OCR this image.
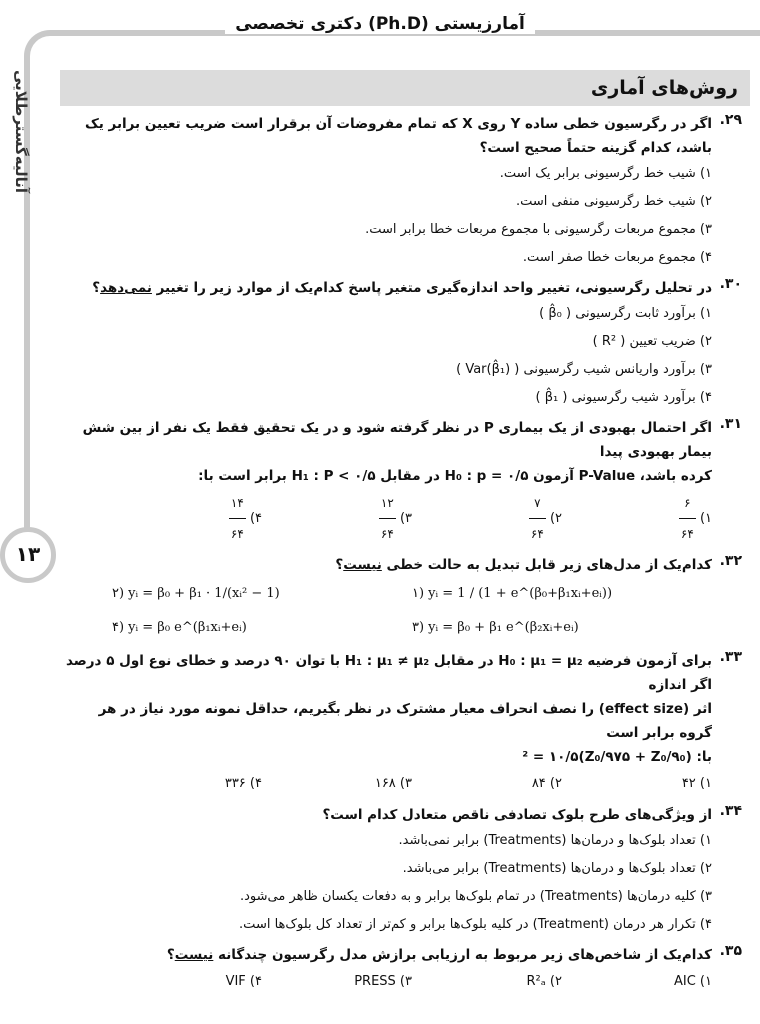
دکتری تخصصی (Ph.D) آمارزیستی
آنالیه‌گستر‌طلایی
۱۳
روش‌های آماری
۲۹.
اگر در رگرسیون خطی ساده Y روی X که تمام مفروضات آن برقرار است ضریب تعیین برابر یک باشد، کدام گزینه حتماً صحیح است؟
۱) شیب خط رگرسیونی برابر یک است.
۲) شیب خط رگرسیونی منفی است.
۳) مجموع مربعات رگرسیونی با مجموع مربعات خطا برابر است.
۴) مجموع مربعات خطا صفر است.
۳۰.
در تحلیل رگرسیونی، تغییر واحد اندازه‌گیری متغیر پاسخ کدام‌یک از موارد زیر را تغییر نمی‌دهد؟
۱) برآورد ثابت رگرسیونی ( β̂₀ )
۲) ضریب تعیین ( R² )
۳) برآورد واریانس شیب رگرسیونی ( Var(β̂₁) )
۴) برآورد شیب رگرسیونی ( β̂₁ )
۳۱.
اگر احتمال بهبودی از یک بیماری P در نظر گرفته شود و در یک تحقیق فقط یک نفر از بین شش بیمار بهبودی پیدا
کرده باشد، P-Value آزمون H₀ : p = ۰/۵ در مقابل H₁ : P < ۰/۵ برابر است با:
۱)
$\frac{۶}{۶۴}$
۲)
$\frac{۷}{۶۴}$
۳)
$\frac{۱۲}{۶۴}$
۴)
$\frac{۱۴}{۶۴}$
۳۲.
کدام‌یک از مدل‌های زیر قابل تبدیل به حالت خطی نیست؟
۱) yᵢ = 1 / (1 + e^(β₀+β₁xᵢ+eᵢ))
۲) yᵢ = β₀ + β₁ · 1/(xᵢ² − 1)
۳) yᵢ = β₀ + β₁ e^(β₂xᵢ+eᵢ)
۴) yᵢ = β₀ e^(β₁xᵢ+eᵢ)
۳۳.
برای آزمون فرضیه H₀ : μ₁ = μ₂ در مقابل H₁ : μ₁ ≠ μ₂ با توان ۹۰ درصد و خطای نوع اول ۵ درصد اگر اندازه
اثر (effect size) را نصف انحراف معیار مشترک در نظر بگیریم، حداقل نمونه مورد نیاز در هر گروه برابر است
با: (Z₀/۹۷۵ + Z₀/۹₀)² = ۱۰/۵
۱) ۴۲
۲) ۸۴
۳) ۱۶۸
۴) ۳۳۶
۳۴.
از ویژگی‌های طرح بلوک تصادفی ناقص متعادل کدام است؟
۱) تعداد بلوک‌ها و درمان‌ها (Treatments) برابر نمی‌باشد.
۲) تعداد بلوک‌ها و درمان‌ها (Treatments) برابر می‌باشد.
۳) کلیه درمان‌ها (Treatments) در تمام بلوک‌ها برابر و به دفعات یکسان ظاهر می‌شود.
۴) تکرار هر درمان (Treatment) در کلیه بلوک‌ها برابر و کم‌تر از تعداد کل بلوک‌ها است.
۳۵.
کدام‌یک از شاخص‌های زیر مربوط به ارزیابی برازش مدل رگرسیون چندگانه نیست؟
۱) AIC
۲) R²ₐ
۳) PRESS
۴) VIF
